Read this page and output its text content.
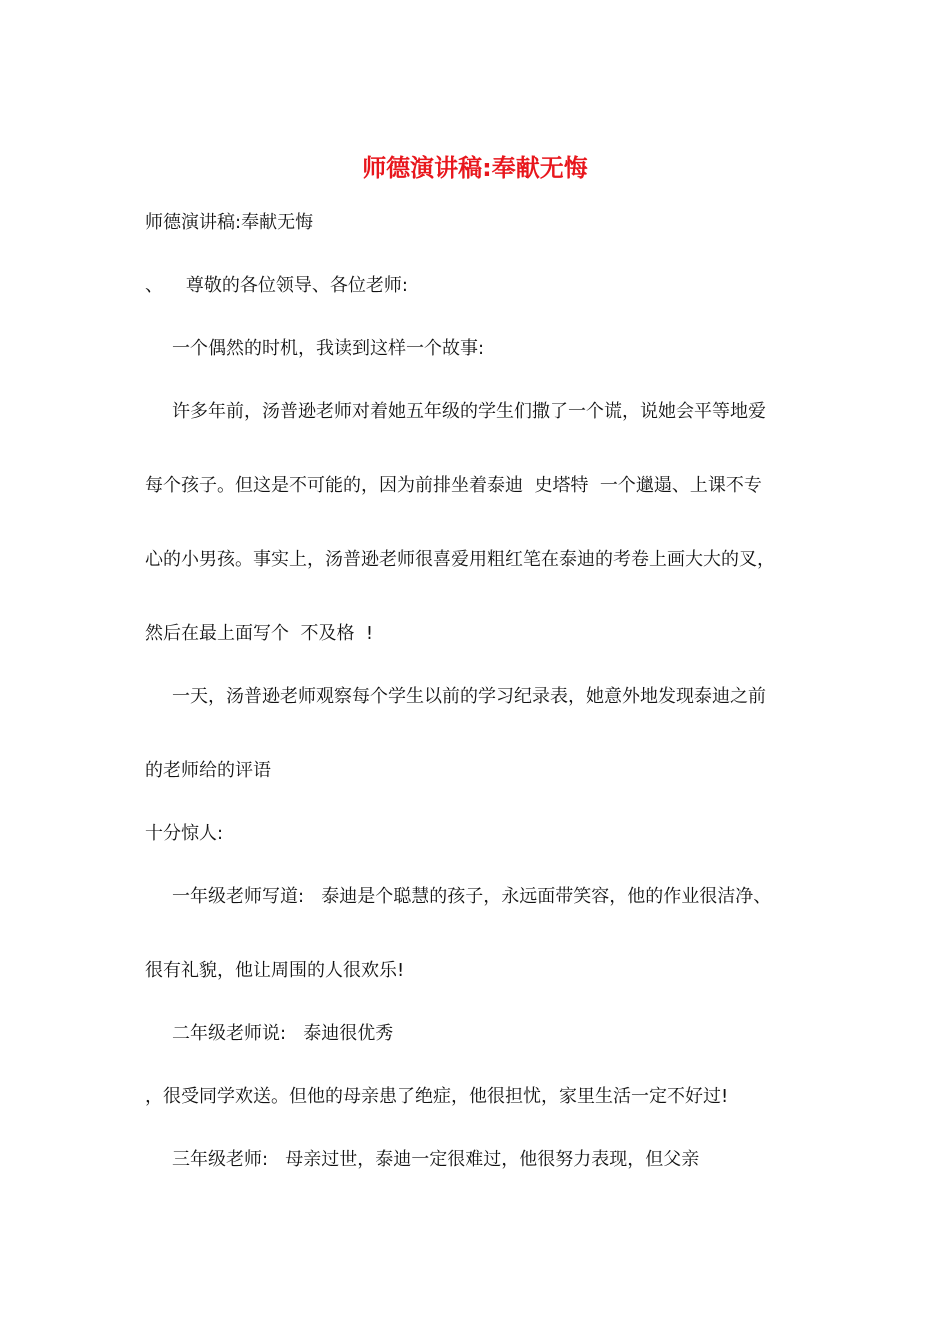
师德演讲稿:奉献无悔
师德演讲稿:奉献无悔
、    尊敬的各位领导、各位老师:
一个偶然的时机，我读到这样一个故事:
许多年前，汤普逊老师对着她五年级的学生们撒了一个谎，说她会平等地爱
每个孩子。但这是不可能的，因为前排坐着泰迪  史塔特  一个邋遢、上课不专
心的小男孩。事实上，汤普逊老师很喜爱用粗红笔在泰迪的考卷上画大大的叉，
然后在最上面写个  不及格  !
一天，汤普逊老师观察每个学生以前的学习纪录表，她意外地发现泰迪之前
的老师给的评语
十分惊人:
一年级老师写道:   泰迪是个聪慧的孩子，永远面带笑容，他的作业很洁净、
很有礼貌，他让周围的人很欢乐!
二年级老师说:   泰迪很优秀
，很受同学欢送。但他的母亲患了绝症，他很担忧，家里生活一定不好过!
三年级老师:   母亲过世，泰迪一定很难过，他很努力表现，但父亲
